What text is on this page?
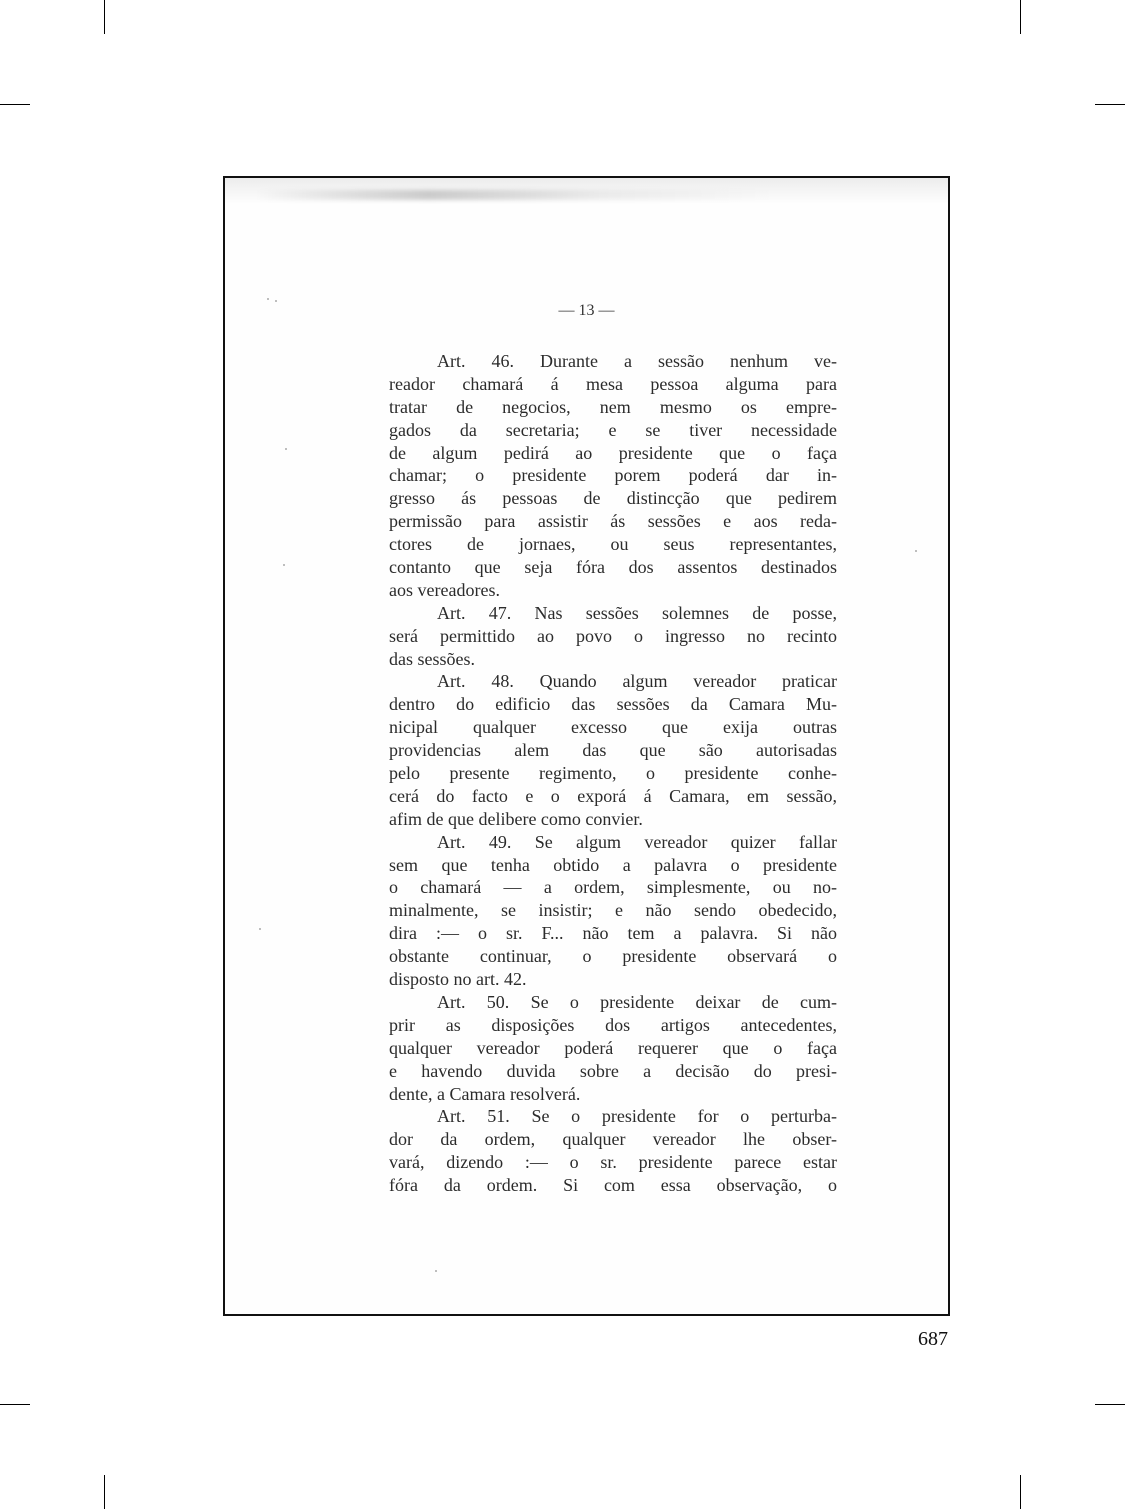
— 13 —
Art. 46. Durante a sessão nenhum ve-
reador chamará á mesa pessoa alguma para
tratar de negocios, nem mesmo os empre-
gados da secretaria; e se tiver necessidade
de algum pedirá ao presidente que o faça
chamar; o presidente porem poderá dar in-
gresso ás pessoas de distincção que pedirem
permissão para assistir ás sessões e aos reda-
ctores de jornaes, ou seus representantes,
contanto que seja fóra dos assentos destinados
aos vereadores.
Art. 47. Nas sessões solemnes de posse,
será permittido ao povo o ingresso no recinto
das sessões.
Art. 48. Quando algum vereador praticar
dentro do edificio das sessões da Camara Mu-
nicipal qualquer excesso que exija outras
providencias alem das que são autorisadas
pelo presente regimento, o presidente conhe-
cerá do facto e o exporá á Camara, em sessão,
afim de que delibere como convier.
Art. 49. Se algum vereador quizer fallar
sem que tenha obtido a palavra o presidente
o chamará — a ordem, simplesmente, ou no-
minalmente, se insistir; e não sendo obedecido,
dira :— o sr. F... não tem a palavra. Si não
obstante continuar, o presidente observará o
disposto no art. 42.
Art. 50. Se o presidente deixar de cum-
prir as disposições dos artigos antecedentes,
qualquer vereador poderá requerer que o faça
e havendo duvida sobre a decisão do presi-
dente, a Camara resolverá.
Art. 51. Se o presidente for o perturba-
dor da ordem, qualquer vereador lhe obser-
vará, dizendo :— o sr. presidente parece estar
fóra da ordem. Si com essa observação, o
687
